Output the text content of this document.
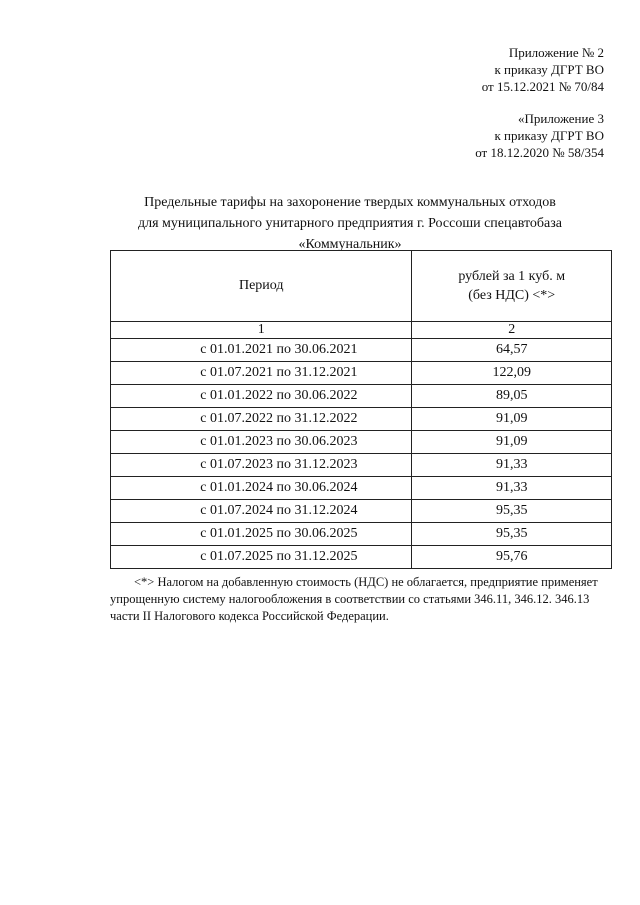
Приложение № 2
к приказу ДГРТ ВО
от 15.12.2021 № 70/84
«Приложение 3
к приказу ДГРТ ВО
от 18.12.2020 № 58/354
Предельные тарифы на захоронение твердых коммунальных отходов
для муниципального унитарного предприятия г. Россоши спецавтобаза
«Коммунальник»
Период	рублей за 1 куб. м
(без НДС) <*>

1	2
с 01.01.2021 по 30.06.2021	64,57
с 01.07.2021 по 31.12.2021	122,09
с 01.01.2022 по 30.06.2022	89,05
с 01.07.2022 по 31.12.2022	91,09
с 01.01.2023 по 30.06.2023	91,09
с 01.07.2023 по 31.12.2023	91,33
с 01.01.2024 по 30.06.2024	91,33
с 01.07.2024 по 31.12.2024	95,35
с 01.01.2025 по 30.06.2025	95,35
с 01.07.2025 по 31.12.2025	95,76
<*> Налогом на добавленную стоимость (НДС) не облагается, предприятие применяет упрощенную систему налогообложения в соответствии со статьями 346.11, 346.12. 346.13 части II Налогового кодекса Российской Федерации.
